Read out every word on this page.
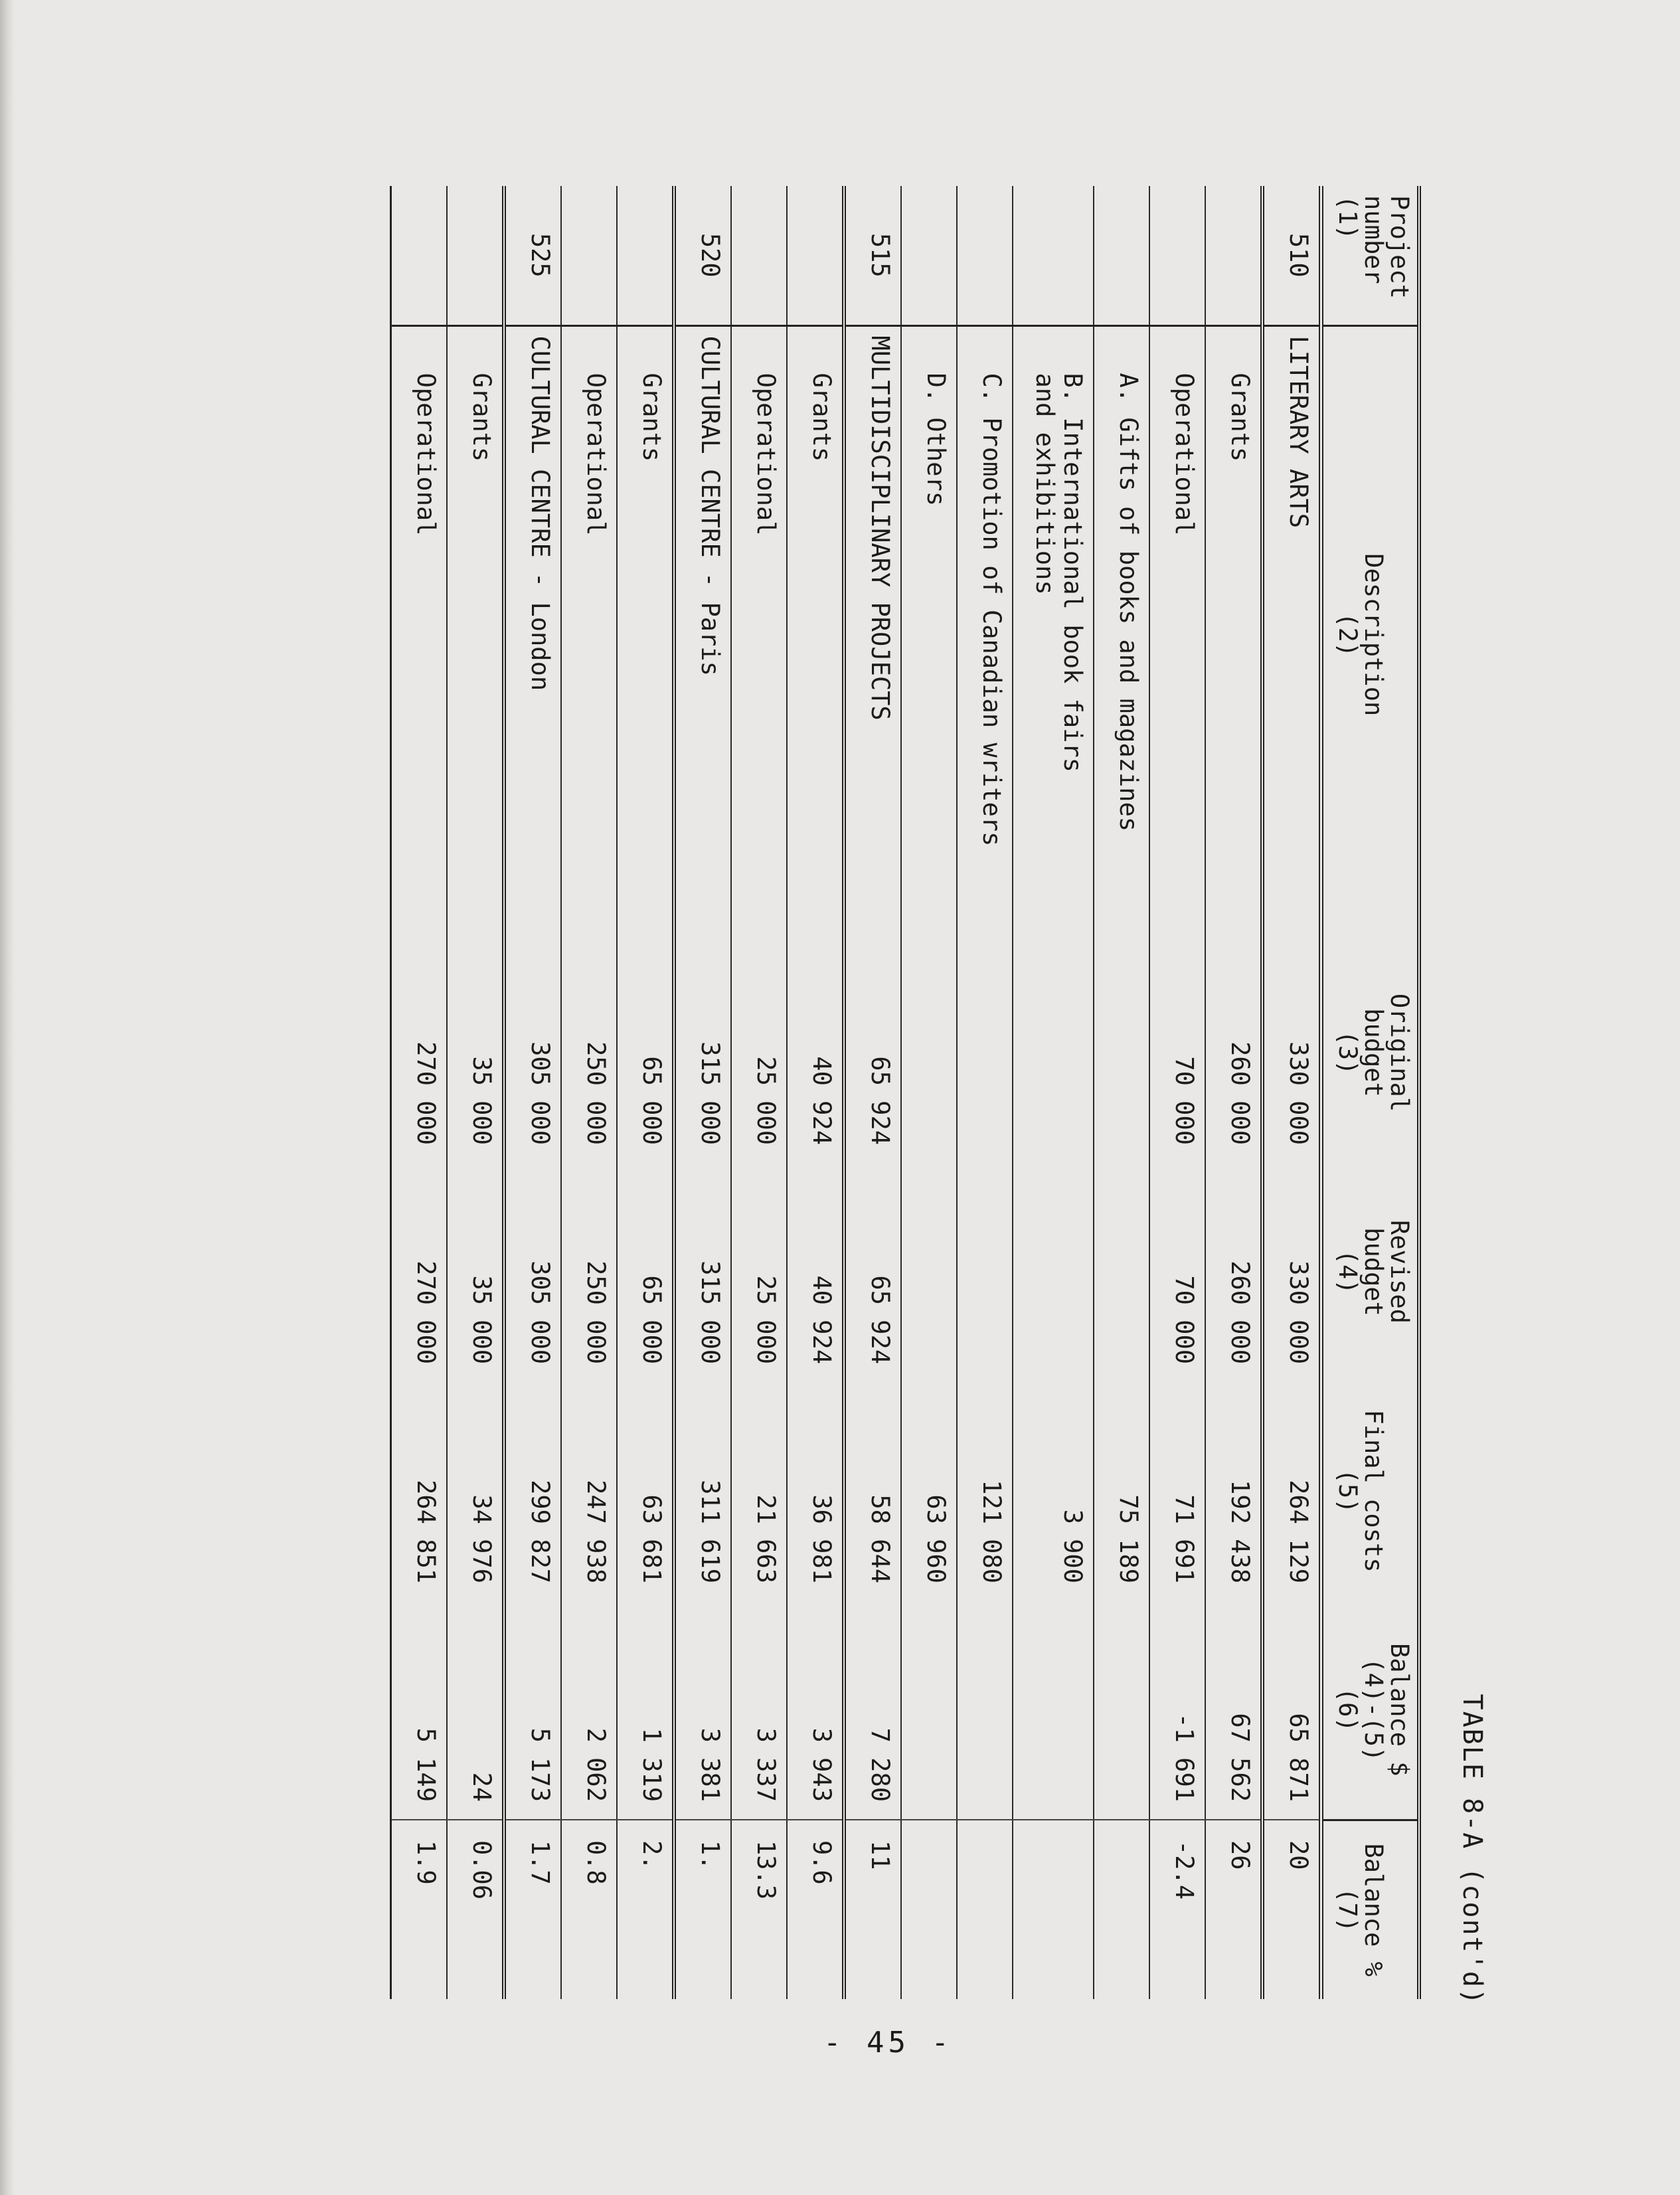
TABLE 8-A (cont'd)
Project
number
(1)	Description
(2)	Original
budget
(3)	Revised
budget
(4)	Final costs
(5)	Balance $
(4)-(5)
(6)	Balance %
(7)
510	LITERARY ARTS	330 000	330 000	264 129	65 871	20
	Grants	260 000	260 000	192 438	67 562	26
	Operational	70 000	70 000	71 691	-1 691	-2.4
	A. Gifts of books and magazines			75 189		
	B. International book fairs
and exhibitions			3 900		
	C. Promotion of Canadian writers			121 080		
	D. Others			63 960		
515	MULTIDISCIPLINARY PROJECTS	65 924	65 924	58 644	7 280	11
	Grants	40 924	40 924	36 981	3 943	9.6
	Operational	25 000	25 000	21 663	3 337	13.3
520	CULTURAL CENTRE - Paris	315 000	315 000	311 619	3 381	1.
	Grants	65 000	65 000	63 681	1 319	2.
	Operational	250 000	250 000	247 938	2 062	0.8
525	CULTURAL CENTRE - London	305 000	305 000	299 827	5 173	1.7
	Grants	35 000	35 000	34 976	24	0.06
	Operational	270 000	270 000	264 851	5 149	1.9
- 45 -
